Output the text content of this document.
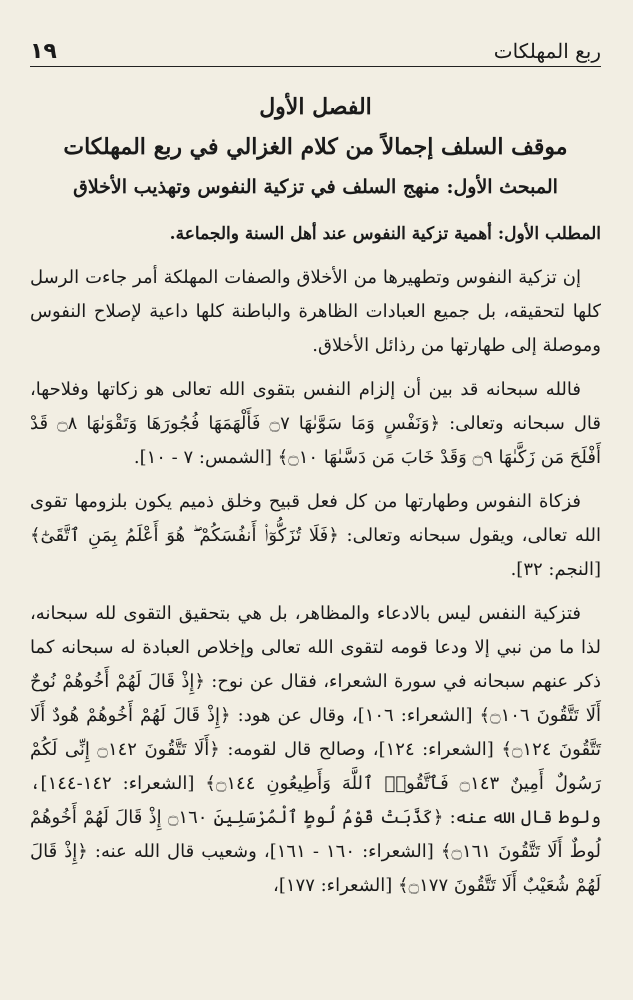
١٩	ربع المهلكات

الفصل الأول

موقف السلف إجمالاً من كلام الغزالي في ربع المهلكات

المبحث الأول: منهج السلف في تزكية النفوس وتهذيب الأخلاق

المطلب الأول: أهمية تزكية النفوس عند أهل السنة والجماعة.

إن تزكية النفوس وتطهيرها من الأخلاق والصفات المهلكة أمر جاءت الرسل كلها لتحقيقه، بل جميع العبادات الظاهرة والباطنة كلها داعية لإصلاح النفوس وموصلة إلى طهارتها من رذائل الأخلاق.

فالله سبحانه قد بين أن إلزام النفس بتقوى الله تعالى هو زكاتها وفلاحها، قال سبحانه وتعالى: ﴿وَنَفْسٍ وَمَا سَوَّىٰهَا ۝٧ فَأَلْهَمَهَا فُجُورَهَا وَتَقْوَىٰهَا ۝٨ قَدْ أَفْلَحَ مَن زَكَّىٰهَا ۝٩ وَقَدْ خَابَ مَن دَسَّىٰهَا ۝١٠﴾ [الشمس: ٧ - ١٠].

فزكاة النفوس وطهارتها من كل فعل قبيح وخلق ذميم يكون بلزومها تقوى الله تعالى، ويقول سبحانه وتعالى: ﴿فَلَا تُزَكُّوٓا۟ أَنفُسَكُمْ ۖ هُوَ أَعْلَمُ بِمَنِ ٱتَّقَىٰٓ﴾ [النجم: ٣٢].

فتزكية النفس ليس بالادعاء والمظاهر، بل هي بتحقيق التقوى لله سبحانه، لذا ما من نبي إلا ودعا قومه لتقوى الله تعالى وإخلاص العبادة له سبحانه كما ذكر عنهم سبحانه في سورة الشعراء، فقال عن نوح: ﴿إِذْ قَالَ لَهُمْ أَخُوهُمْ نُوحٌ أَلَا تَتَّقُونَ ۝١٠٦﴾ [الشعراء: ١٠٦]، وقال عن هود: ﴿إِذْ قَالَ لَهُمْ أَخُوهُمْ هُودٌ أَلَا تَتَّقُونَ ۝١٢٤﴾ [الشعراء: ١٢٤]، وصالح قال لقومه: ﴿أَلَا تَتَّقُونَ ۝١٤٢ إِنِّى لَكُمْ رَسُولٌ أَمِينٌ ۝١٤٣ فَٱتَّقُوا۟ ٱللَّهَ وَأَطِيعُونِ ۝١٤٤﴾ [الشعراء: ١٤٢-١٤٤]، ولوط قال الله عنه: ﴿كَذَّبَتْ قَوْمُ لُوطٍ ٱلْمُرْسَلِينَ ۝١٦٠ إِذْ قَالَ لَهُمْ أَخُوهُمْ لُوطٌ أَلَا تَتَّقُونَ ۝١٦١﴾ [الشعراء: ١٦٠ - ١٦١]، وشعيب قال الله عنه: ﴿إِذْ قَالَ لَهُمْ شُعَيْبٌ أَلَا تَتَّقُونَ ۝١٧٧﴾ [الشعراء: ١٧٧]،
